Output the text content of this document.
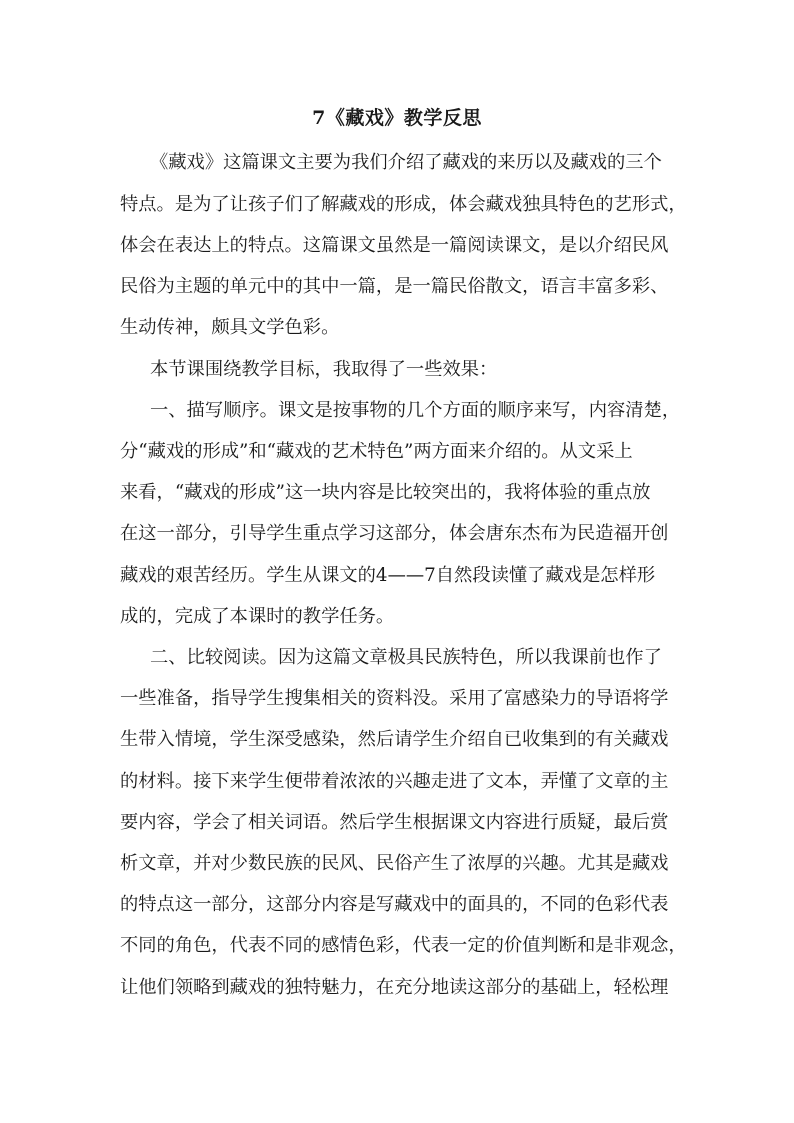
7《藏戏》教学反思
《藏戏》这篇课文主要为我们介绍了藏戏的来历以及藏戏的三个
特点。是为了让孩子们了解藏戏的形成，体会藏戏独具特色的艺形式，
体会在表达上的特点。这篇课文虽然是一篇阅读课文，是以介绍民风
民俗为主题的单元中的其中一篇，是一篇民俗散文，语言丰富多彩、
生动传神，颇具文学色彩。
本节课围绕教学目标，我取得了一些效果：
一、描写顺序。课文是按事物的几个方面的顺序来写，内容清楚，
分“藏戏的形成”和“藏戏的艺术特色”两方面来介绍的。从文采上
来看，“藏戏的形成”这一块内容是比较突出的，我将体验的重点放
在这一部分，引导学生重点学习这部分，体会唐东杰布为民造福开创
藏戏的艰苦经历。学生从课文的4——7自然段读懂了藏戏是怎样形
成的，完成了本课时的教学任务。
二、比较阅读。因为这篇文章极具民族特色，所以我课前也作了
一些准备，指导学生搜集相关的资料没。采用了富感染力的导语将学
生带入情境，学生深受感染，然后请学生介绍自已收集到的有关藏戏
的材料。接下来学生便带着浓浓的兴趣走进了文本，弄懂了文章的主
要内容，学会了相关词语。然后学生根据课文内容进行质疑，最后赏
析文章，并对少数民族的民风、民俗产生了浓厚的兴趣。尤其是藏戏
的特点这一部分，这部分内容是写藏戏中的面具的，不同的色彩代表
不同的角色，代表不同的感情色彩，代表一定的价值判断和是非观念，
让他们领略到藏戏的独特魅力，在充分地读这部分的基础上，轻松理
